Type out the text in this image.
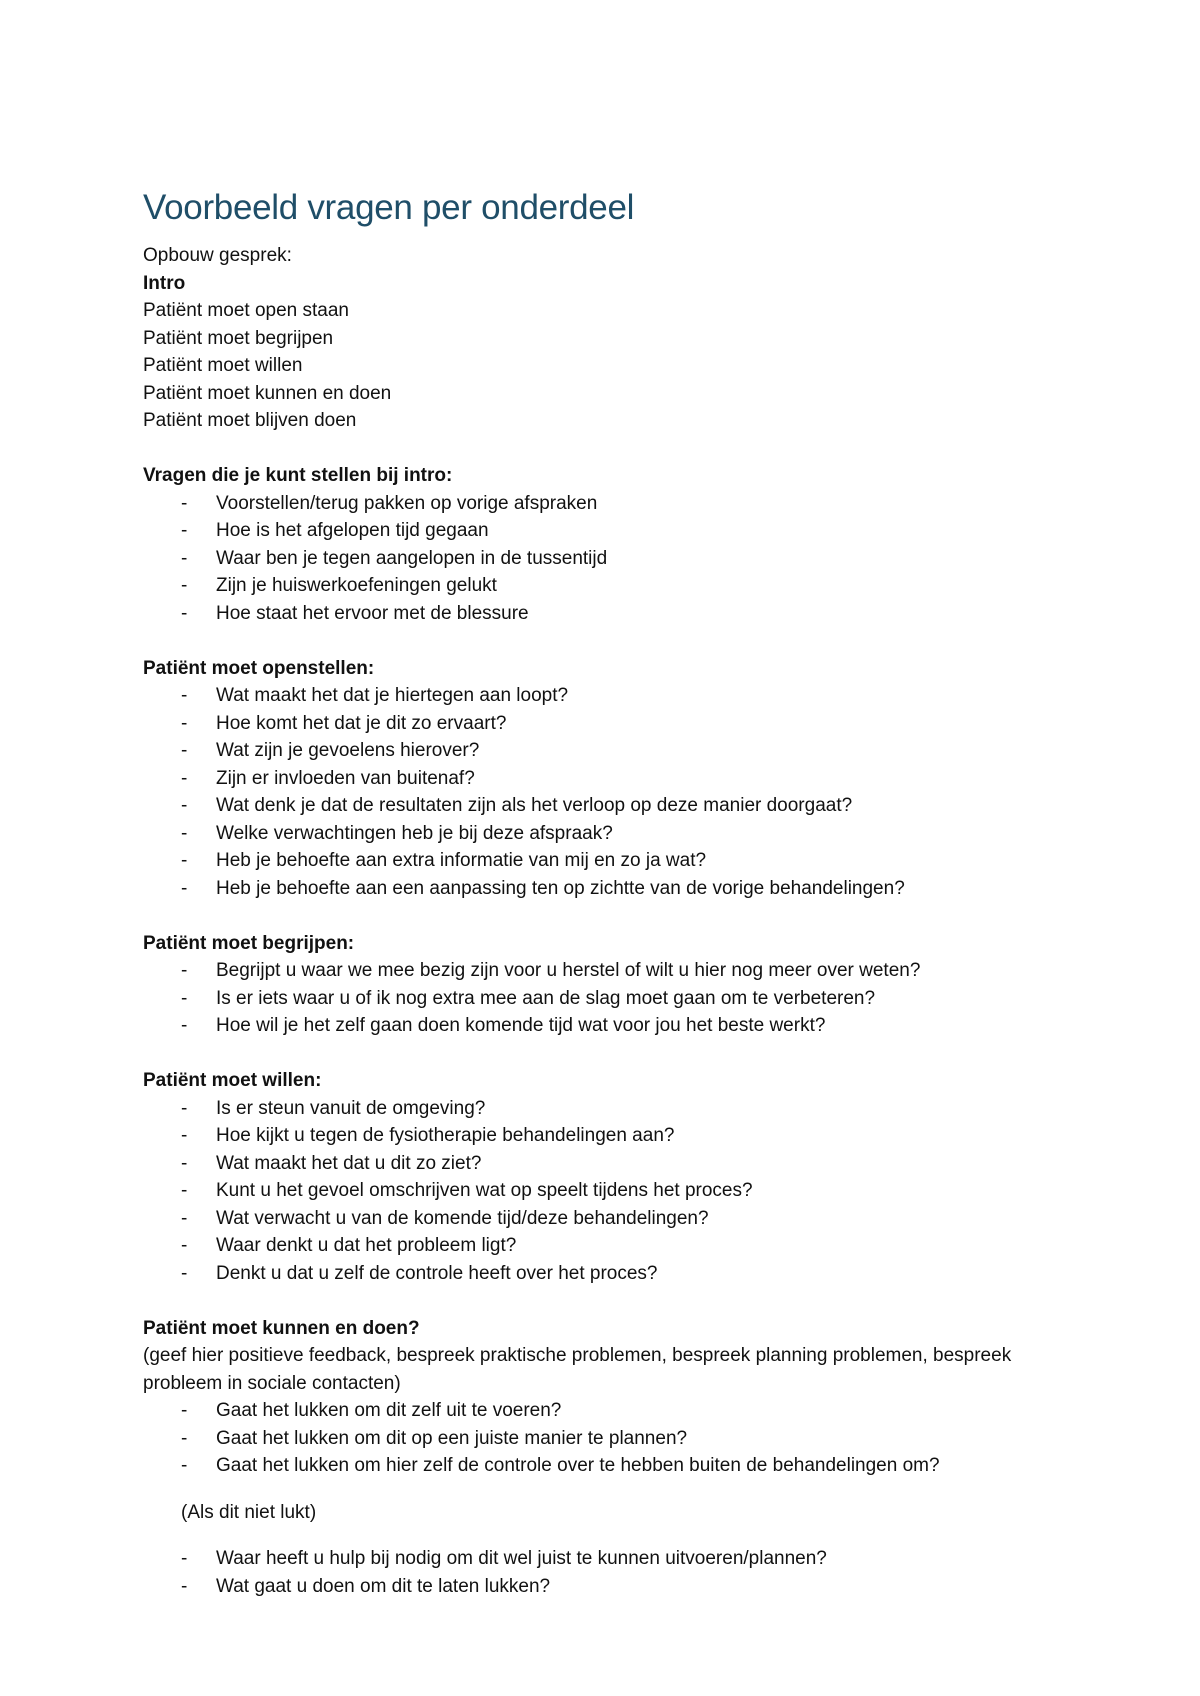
Voorbeeld vragen per onderdeel

Opbouw gesprek:

Intro

Patiënt moet open staan

Patiënt moet begrijpen

Patiënt moet willen

Patiënt moet kunnen en doen

Patiënt moet blijven doen

Vragen die je kunt stellen bij intro:

- Voorstellen/terug pakken op vorige afspraken
- Hoe is het afgelopen tijd gegaan
- Waar ben je tegen aangelopen in de tussentijd
- Zijn je huiswerkoefeningen gelukt
- Hoe staat het ervoor met de blessure

Patiënt moet openstellen:

- Wat maakt het dat je hiertegen aan loopt?
- Hoe komt het dat je dit zo ervaart?
- Wat zijn je gevoelens hierover?
- Zijn er invloeden van buitenaf?
- Wat denk je dat de resultaten zijn als het verloop op deze manier doorgaat?
- Welke verwachtingen heb je bij deze afspraak?
- Heb je behoefte aan extra informatie van mij en zo ja wat?
- Heb je behoefte aan een aanpassing ten op zichtte van de vorige behandelingen?

Patiënt moet begrijpen:

- Begrijpt u waar we mee bezig zijn voor u herstel of wilt u hier nog meer over weten?
- Is er iets waar u of ik nog extra mee aan de slag moet gaan om te verbeteren?
- Hoe wil je het zelf gaan doen komende tijd wat voor jou het beste werkt?

Patiënt moet willen:

- Is er steun vanuit de omgeving?
- Hoe kijkt u tegen de fysiotherapie behandelingen aan?
- Wat maakt het dat u dit zo ziet?
- Kunt u het gevoel omschrijven wat op speelt tijdens het proces?
- Wat verwacht u van de komende tijd/deze behandelingen?
- Waar denkt u dat het probleem ligt?
- Denkt u dat u zelf de controle heeft over het proces?

Patiënt moet kunnen en doen?

(geef hier positieve feedback, bespreek praktische problemen, bespreek planning problemen, bespreek probleem in sociale contacten)

- Gaat het lukken om dit zelf uit te voeren?
- Gaat het lukken om dit op een juiste manier te plannen?
- Gaat het lukken om hier zelf de controle over te hebben buiten de behandelingen om?

(Als dit niet lukt)

- Waar heeft u hulp bij nodig om dit wel juist te kunnen uitvoeren/plannen?
- Wat gaat u doen om dit te laten lukken?
